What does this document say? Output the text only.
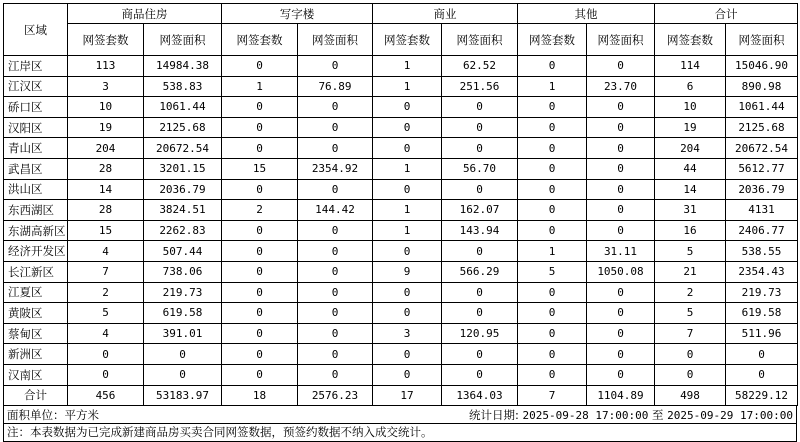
区域	商品住房		写字楼		商业		其他		合计	
	网签套数	网签面积	网签套数	网签面积	网签套数	网签面积	网签套数	网签面积	网签套数	网签面积
江岸区	113	14984.38	0	0	1	62.52	0	0	114	15046.90
江汉区	3	538.83	1	76.89	1	251.56	1	23.70	6	890.98
硚口区	10	1061.44	0	0	0	0	0	0	10	1061.44
汉阳区	19	2125.68	0	0	0	0	0	0	19	2125.68
青山区	204	20672.54	0	0	0	0	0	0	204	20672.54
武昌区	28	3201.15	15	2354.92	1	56.70	0	0	44	5612.77
洪山区	14	2036.79	0	0	0	0	0	0	14	2036.79
东西湖区	28	3824.51	2	144.42	1	162.07	0	0	31	4131
东湖高新区	15	2262.83	0	0	1	143.94	0	0	16	2406.77
经济开发区	4	507.44	0	0	0	0	1	31.11	5	538.55
长江新区	7	738.06	0	0	9	566.29	5	1050.08	21	2354.43
江夏区	2	219.73	0	0	0	0	0	0	2	219.73
黄陂区	5	619.58	0	0	0	0	0	0	5	619.58
蔡甸区	4	391.01	0	0	3	120.95	0	0	7	511.96
新洲区	0	0	0	0	0	0	0	0	0	0
汉南区	0	0	0	0	0	0	0	0	0	0
合计	456	53183.97	18	2576.23	17	1364.03	7	1104.89	498	58229.12
面积单位：平方米	统计日期: 2025-09-28 17:00:00 至 2025-09-29 17:00:00
注：本表数据为已完成新建商品房买卖合同网签数据，预签约数据不纳入成交统计。
